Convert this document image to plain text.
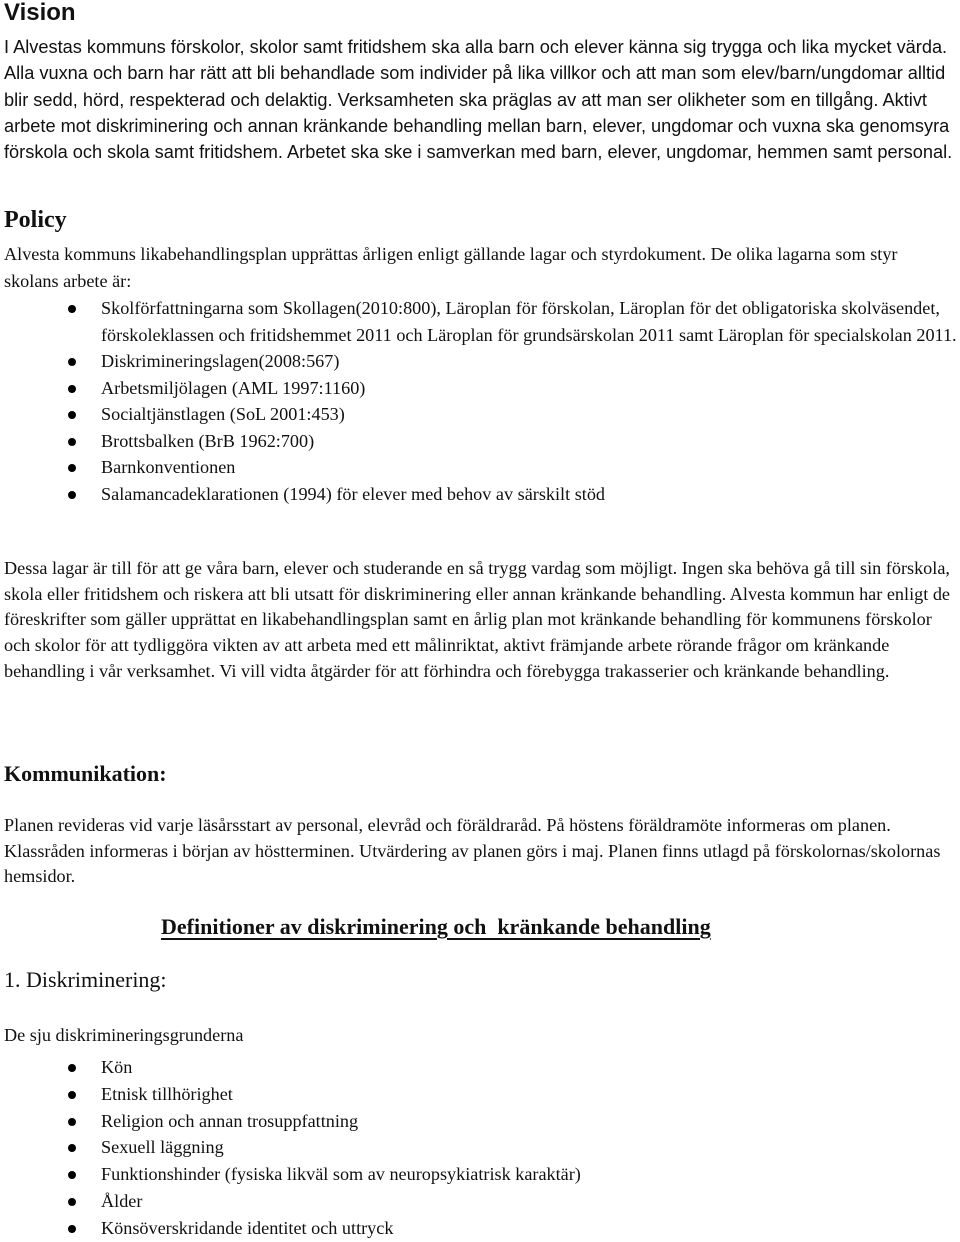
Vision

I Alvestas kommuns förskolor, skolor samt fritidshem ska alla barn och elever känna sig trygga och lika mycket värda. Alla vuxna och barn har rätt att bli behandlade som individer på lika villkor och att man som elev/barn/ungdomar alltid blir sedd, hörd, respekterad och delaktig. Verksamheten ska präglas av att man ser olikheter som en tillgång. Aktivt arbete mot diskriminering och annan kränkande behandling mellan barn, elever, ungdomar och vuxna ska genomsyra förskola och skola samt fritidshem. Arbetet ska ske i samverkan med barn, elever, ungdomar, hemmen samt personal.

Policy

Alvesta kommuns likabehandlingsplan upprättas årligen enligt gällande lagar och styrdokument. De olika lagarna som styr skolans arbete är:

Skolförfattningarna som Skollagen(2010:800), Läroplan för förskolan, Läroplan för det obligatoriska skolväsendet, förskoleklassen och fritidshemmet 2011 och Läroplan för grundsärskolan 2011 samt Läroplan för specialskolan 2011.
Diskrimineringslagen(2008:567)
Arbetsmiljölagen (AML 1997:1160)
Socialtjänstlagen (SoL 2001:453)
Brottsbalken (BrB 1962:700)
Barnkonventionen
Salamancadeklarationen (1994) för elever med behov av särskilt stöd

Dessa lagar är till för att ge våra barn, elever och studerande en så trygg vardag som möjligt. Ingen ska behöva gå till sin förskola, skola eller fritidshem och riskera att bli utsatt för diskriminering eller annan kränkande behandling. Alvesta kommun har enligt de föreskrifter som gäller upprättat en likabehandlingsplan samt en årlig plan mot kränkande behandling för kommunens förskolor och skolor för att tydliggöra vikten av att arbeta med ett målinriktat, aktivt främjande arbete rörande frågor om kränkande behandling i vår verksamhet. Vi vill vidta åtgärder för att förhindra och förebygga trakasserier och kränkande behandling.

Kommunikation:

Planen revideras vid varje läsårsstart av personal, elevråd och föräldraråd. På höstens föräldramöte informeras om planen. Klassråden informeras i början av höstterminen. Utvärdering av planen görs i maj. Planen finns utlagd på förskolornas/skolornas hemsidor.

Definitioner av diskriminering och  kränkande behandling
1. Diskriminering:

De sju diskrimineringsgrunderna

Kön
Etnisk tillhörighet
Religion och annan trosuppfattning
Sexuell läggning
Funktionshinder (fysiska likväl som av neuropsykiatrisk karaktär)
Ålder
Könsöverskridande identitet och uttryck
